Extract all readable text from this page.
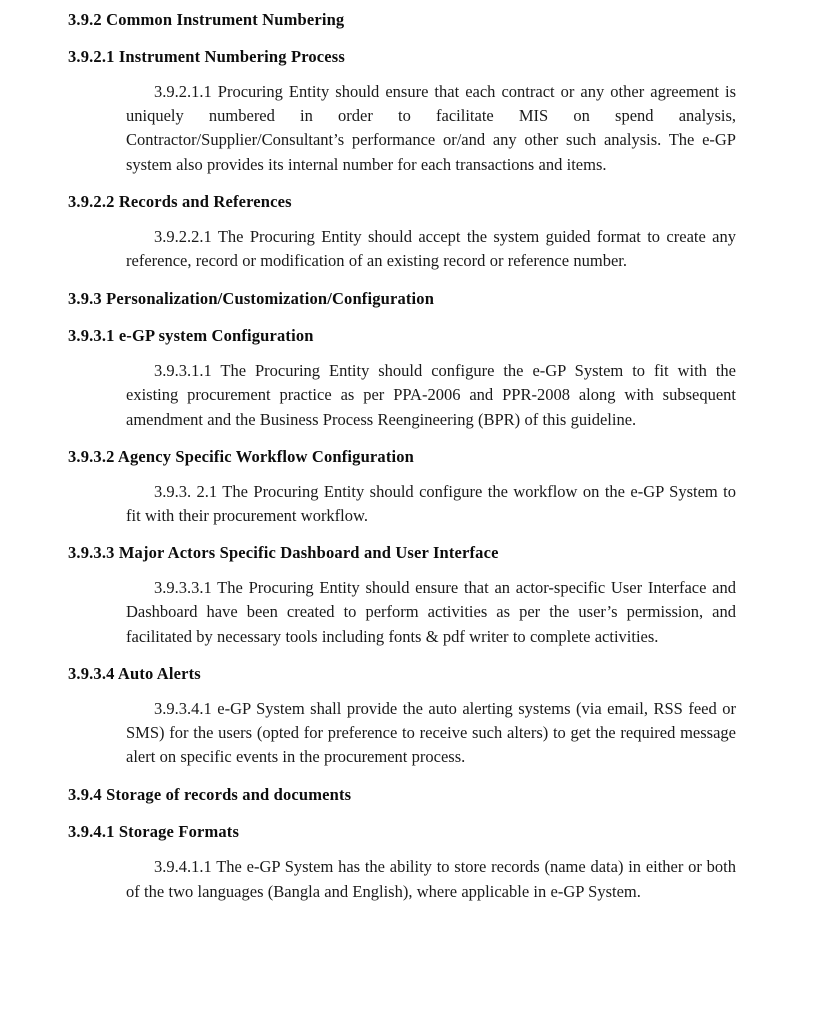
3.9.2 Common Instrument Numbering
3.9.2.1 Instrument Numbering Process

3.9.2.1.1 Procuring Entity should ensure that each contract or any other agreement is uniquely numbered in order to facilitate MIS on spend analysis, Contractor/Supplier/Consultant’s performance or/and any other such analysis. The e-GP system also provides its internal number for each transactions and items.

3.9.2.2 Records and References

3.9.2.2.1 The Procuring Entity should accept the system guided format to create any reference, record or modification of an existing record or reference number.

3.9.3 Personalization/Customization/Configuration
3.9.3.1 e-GP system Configuration

3.9.3.1.1 The Procuring Entity should configure the e-GP System to fit with the existing procurement practice as per PPA-2006 and PPR-2008 along with subsequent amendment and the Business Process Reengineering (BPR) of this guideline.

3.9.3.2 Agency Specific Workflow Configuration

3.9.3. 2.1 The Procuring Entity should configure the workflow on the e-GP System to fit with their procurement workflow.

3.9.3.3 Major Actors Specific Dashboard and User Interface

3.9.3.3.1 The Procuring Entity should ensure that an actor-specific User Interface and Dashboard have been created to perform activities as per the user’s permission, and facilitated by necessary tools including fonts & pdf writer to complete activities.

3.9.3.4 Auto Alerts

3.9.3.4.1 e-GP System shall provide the auto alerting systems (via email, RSS feed or SMS) for the users (opted for preference to receive such alters) to get the required message alert on specific events in the procurement process.

3.9.4 Storage of records and documents
3.9.4.1 Storage Formats

3.9.4.1.1 The e-GP System has the ability to store records (name data) in either or both of the two languages (Bangla and English), where applicable in e-GP System.
